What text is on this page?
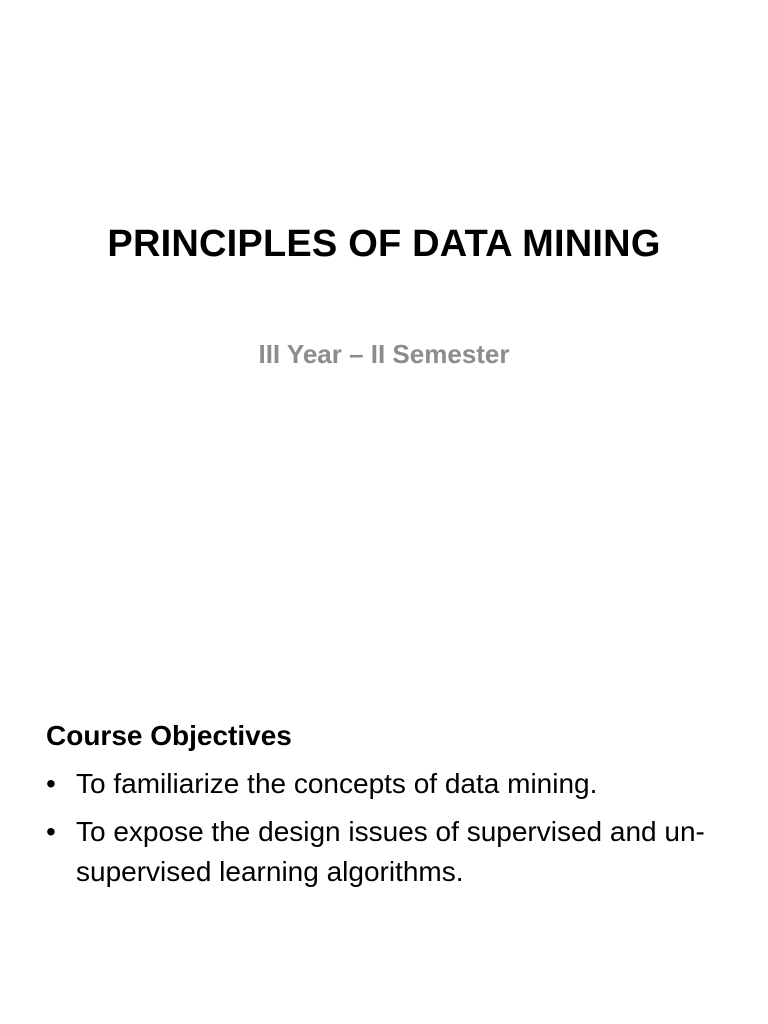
PRINCIPLES OF DATA MINING
III Year – II Semester
Course Objectives
• To familiarize the concepts of data mining.
• To expose the design issues of supervised and un-supervised learning algorithms.
